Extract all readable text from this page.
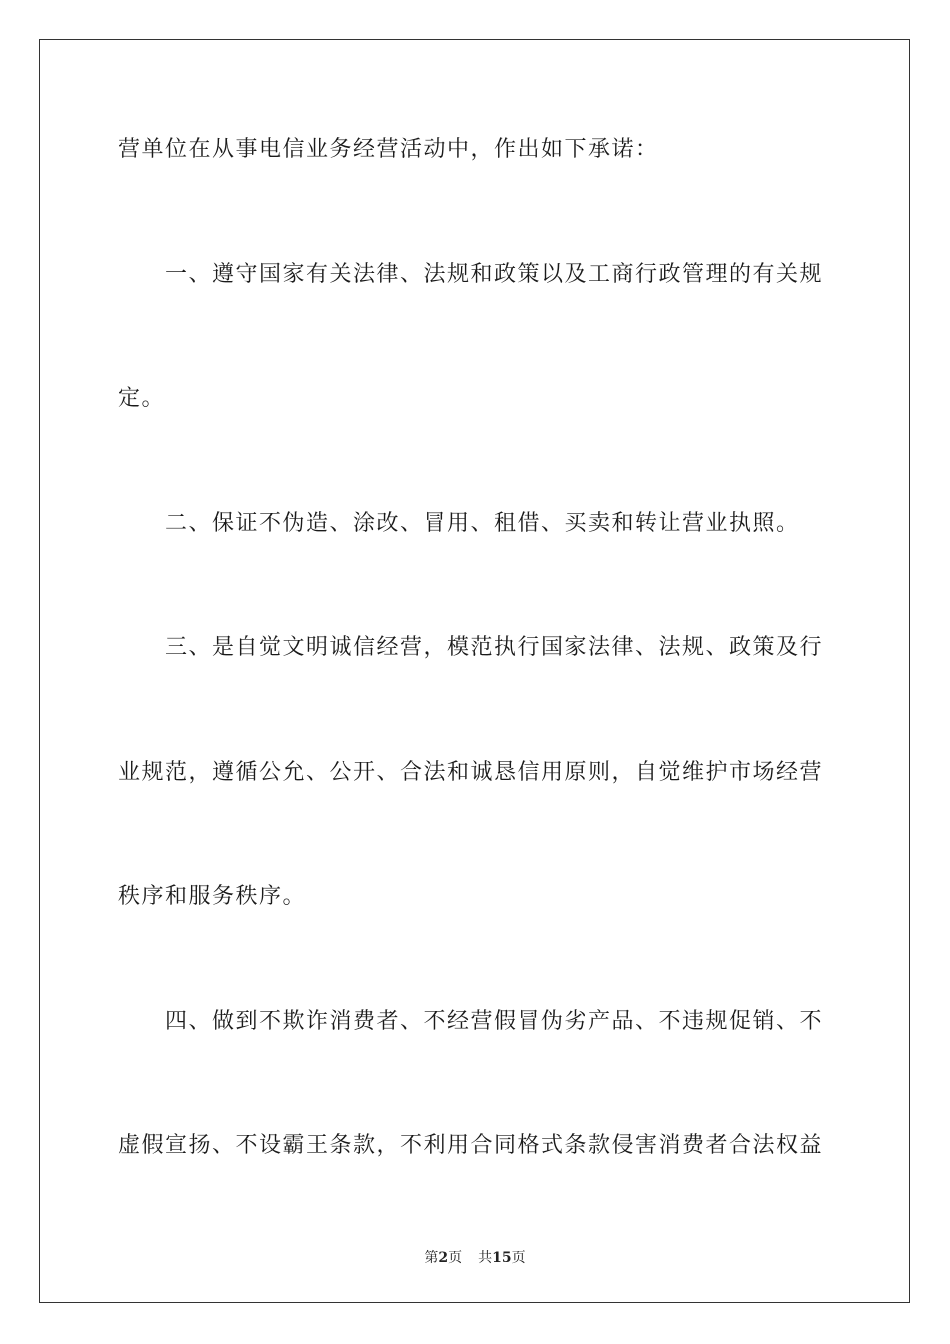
营单位在从事电信业务经营活动中，作出如下承诺：
一、遵守国家有关法律、法规和政策以及工商行政管理的有关规
定。
二、保证不伪造、涂改、冒用、租借、买卖和转让营业执照。
三、是自觉文明诚信经营，模范执行国家法律、法规、政策及行
业规范，遵循公允、公开、合法和诚恳信用原则，自觉维护市场经营
秩序和服务秩序。
四、做到不欺诈消费者、不经营假冒伪劣产品、不违规促销、不
虚假宣扬、不设霸王条款，不利用合同格式条款侵害消费者合法权益
第2页 共15页
